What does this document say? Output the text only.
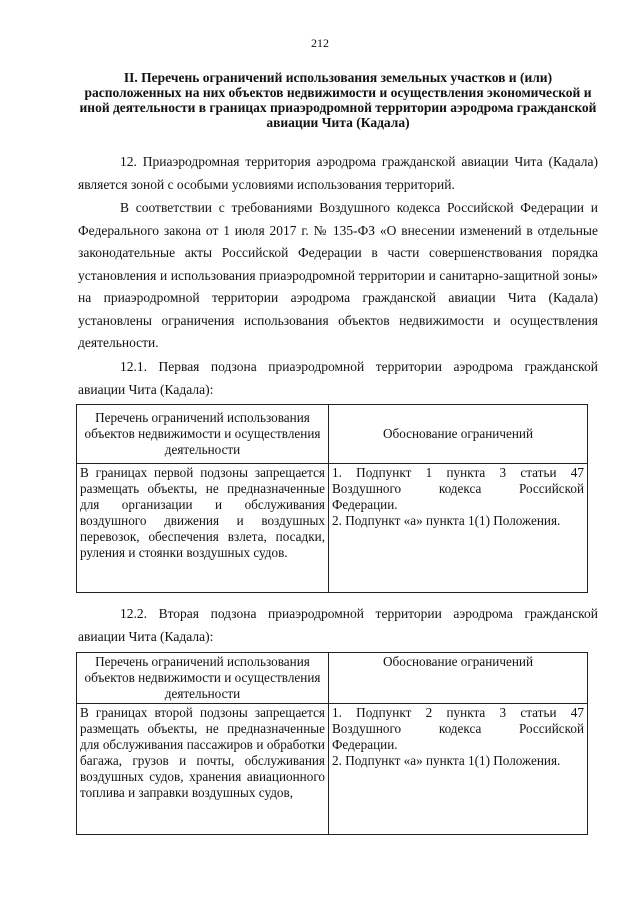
212
II. Перечень ограничений использования земельных участков и (или) расположенных на них объектов недвижимости и осуществления экономической и иной деятельности в границах приаэродромной территории аэродрома гражданской авиации Чита (Кадала)
12. Приаэродромная территория аэродрома гражданской авиации Чита (Кадала) является зоной с особыми условиями использования территорий.
В соответствии с требованиями Воздушного кодекса Российской Федерации и Федерального закона от 1 июля 2017 г. № 135-ФЗ «О внесении изменений в отдельные законодательные акты Российской Федерации в части совершенствования порядка установления и использования приаэродромной территории и санитарно-защитной зоны» на приаэродромной территории аэродрома гражданской авиации Чита (Кадала) установлены ограничения использования объектов недвижимости и осуществления деятельности.
12.1. Первая подзона приаэродромной территории аэродрома гражданской авиации Чита (Кадала):
Перечень ограничений использования объектов недвижимости и осуществления деятельности	Обоснование ограничений
В границах первой подзоны запрещается размещать объекты, не предназначенные для организации и обслуживания воздушного движения и воздушных перевозок, обеспечения взлета, посадки, руления и стоянки воздушных судов.	1. Подпункт 1 пункта 3 статьи 47 Воздушного кодекса Российской Федерации.
2. Подпункт «а» пункта 1(1) Положения.
12.2. Вторая подзона приаэродромной территории аэродрома гражданской авиации Чита (Кадала):
Перечень ограничений использования объектов недвижимости и осуществления деятельности	Обоснование ограничений
В границах второй подзоны запрещается размещать объекты, не предназначенные для обслуживания пассажиров и обработки багажа, грузов и почты, обслуживания воздушных судов, хранения авиационного топлива и заправки воздушных судов,	1. Подпункт 2 пункта 3 статьи 47 Воздушного кодекса Российской Федерации.
2. Подпункт «а» пункта 1(1) Положения.
